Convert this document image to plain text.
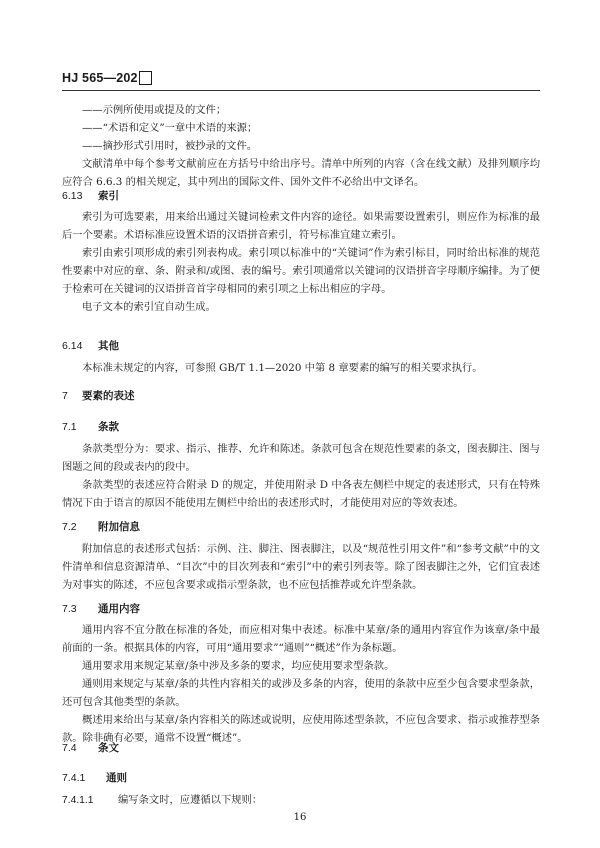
HJ 565—202

——示例所使用或提及的文件；

——“术语和定义”一章中术语的来源；

——摘抄形式引用时，被抄录的文件。

文献清单中每个参考文献前应在方括号中给出序号。清单中所列的内容（含在线文献）及排列顺序均应符合 6.6.3 的相关规定，其中列出的国际文件、国外文件不必给出中文译名。

6.13 索引

索引为可选要素，用来给出通过关键词检索文件内容的途径。如果需要设置索引，则应作为标准的最后一个要素。术语标准应设置术语的汉语拼音索引，符号标准宜建立索引。

索引由索引项形成的索引列表构成。索引项以标准中的“关键词”作为索引标目，同时给出标准的规范性要素中对应的章、条、附录和/或图、表的编号。索引项通常以关键词的汉语拼音字母顺序编排。为了便于检索可在关键词的汉语拼音首字母相同的索引项之上标出相应的字母。

电子文本的索引宜自动生成。

6.14 其他

本标准未规定的内容，可参照 GB/T 1.1—2020 中第 8 章要素的编写的相关要求执行。

7 要素的表述
7.1 条款

条款类型分为：要求、指示、推荐、允许和陈述。条款可包含在规范性要素的条文，图表脚注、图与图题之间的段或表内的段中。

条款类型的表述应符合附录 D 的规定，并使用附录 D 中各表左侧栏中规定的表述形式，只有在特殊情况下由于语言的原因不能使用左侧栏中给出的表述形式时，才能使用对应的等效表述。

7.2 附加信息

附加信息的表述形式包括：示例、注、脚注、图表脚注，以及“规范性引用文件”和“参考文献”中的文件清单和信息资源清单、“目次”中的目次列表和“索引”中的索引列表等。除了图表脚注之外，它们宜表述为对事实的陈述，不应包含要求或指示型条款，也不应包括推荐或允许型条款。

7.3 通用内容

通用内容不宜分散在标准的各处，而应相对集中表述。标准中某章/条的通用内容宜作为该章/条中最前面的一条。根据具体的内容，可用“通用要求”“通则”“概述”作为条标题。

通用要求用来规定某章/条中涉及多条的要求，均应使用要求型条款。

通则用来规定与某章/条的共性内容相关的或涉及多条的内容，使用的条款中应至少包含要求型条款，还可包含其他类型的条款。

概述用来给出与某章/条内容相关的陈述或说明，应使用陈述型条款，不应包含要求、指示或推荐型条款。除非确有必要，通常不设置“概述”。

7.4 条文
7.4.1 通则
7.4.1.1 编写条文时，应遵循以下规则：
16
